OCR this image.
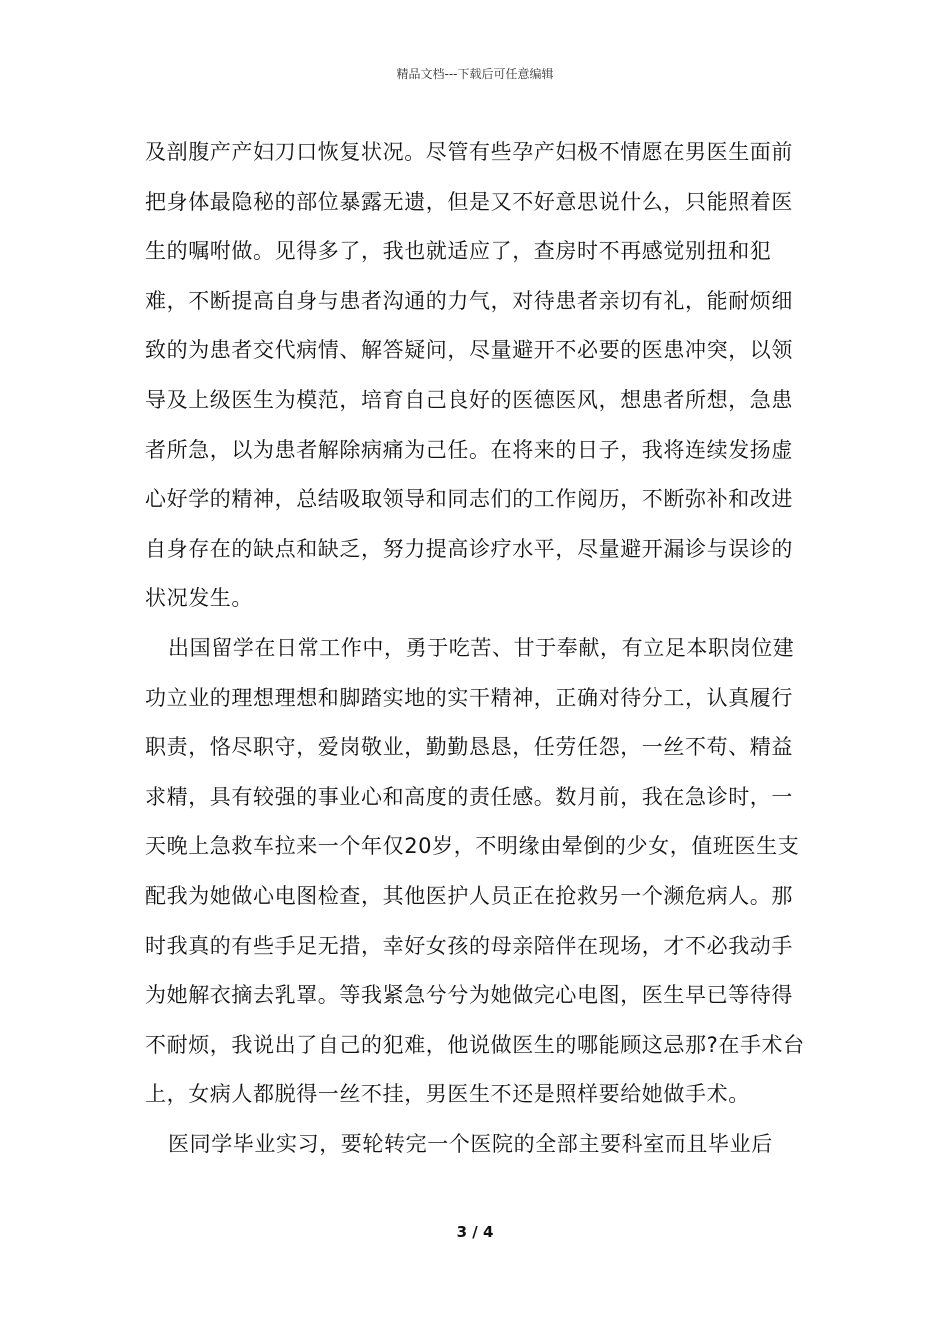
精品文档---下载后可任意编辑

及剖腹产产妇刀口恢复状况。尽管有些孕产妇极不情愿在男医生面前把身体最隐秘的部位暴露无遗，但是又不好意思说什么，只能照着医生的嘱咐做。见得多了，我也就适应了，查房时不再感觉别扭和犯难，不断提高自身与患者沟通的力气，对待患者亲切有礼，能耐烦细致的为患者交代病情、解答疑问，尽量避开不必要的医患冲突，以领导及上级医生为模范，培育自己良好的医德医风，想患者所想，急患者所急，以为患者解除病痛为己任。在将来的日子，我将连续发扬虚心好学的精神，总结吸取领导和同志们的工作阅历，不断弥补和改进自身存在的缺点和缺乏，努力提高诊疗水平，尽量避开漏诊与误诊的状况发生。

出国留学在日常工作中，勇于吃苦、甘于奉献，有立足本职岗位建功立业的理想理想和脚踏实地的实干精神，正确对待分工，认真履行职责，恪尽职守，爱岗敬业，勤勤恳恳，任劳任怨，一丝不苟、精益求精，具有较强的事业心和高度的责任感。数月前，我在急诊时，一天晚上急救车拉来一个年仅20岁，不明缘由晕倒的少女，值班医生支配我为她做心电图检查，其他医护人员正在抢救另一个濒危病人。那时我真的有些手足无措，幸好女孩的母亲陪伴在现场，才不必我动手为她解衣摘去乳罩。等我紧急兮兮为她做完心电图，医生早已等待得不耐烦，我说出了自己的犯难，他说做医生的哪能顾这忌那?在手术台上，女病人都脱得一丝不挂，男医生不还是照样要给她做手术。

医同学毕业实习，要轮转完一个医院的全部主要科室而且毕业后

3 / 4
